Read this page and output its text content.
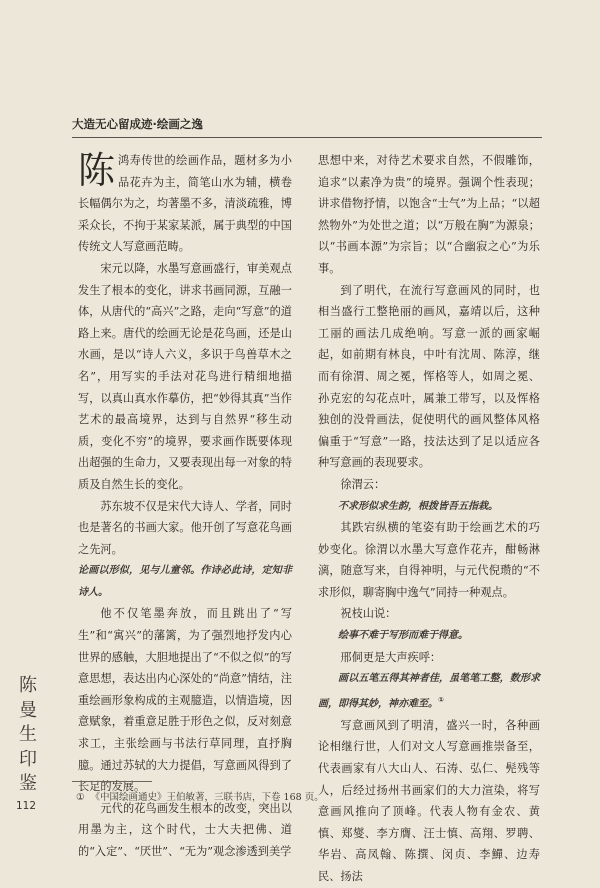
大造无心留成迹·绘画之逸

陈鸿寿传世的绘画作品，题材多为小品花卉为主，简笔山水为辅，横卷长幅偶尔为之，均著墨不多，清淡疏雅，博采众长，不拘于某家某派，属于典型的中国传统文人写意画范畴。

宋元以降，水墨写意画盛行，审美观点发生了根本的变化，讲求书画同源，互融一体，从唐代的“高兴”之路，走向“写意”的道路上来。唐代的绘画无论是花鸟画，还是山水画，是以“诗人六义，多识于鸟兽草木之名”，用写实的手法对花鸟进行精细地描写，以真山真水作摹仿，把“妙得其真”当作艺术的最高境界，达到与自然界“移生动质，变化不穷”的境界，要求画作既要体现出超强的生命力，又要表现出每一对象的特质及自然生长的变化。

苏东坡不仅是宋代大诗人、学者，同时也是著名的书画大家。他开创了写意花鸟画之先河。

论画以形似，见与儿童邻。作诗必此诗，定知非诗人。

他不仅笔墨奔放，而且跳出了“写生”和“寓兴”的藩篱，为了强烈地抒发内心世界的感触，大胆地提出了“不似之似”的写意思想，表达出内心深处的“尚意”情结，注重绘画形象构成的主观臆造，以情造境，因意赋象，着重意足胜于形色之似，反对刻意求工，主张绘画与书法行草同理，直抒胸臆。通过苏轼的大力提倡，写意画风得到了长足的发展。

元代的花鸟画发生根本的改变，突出以用墨为主，这个时代，士大夫把佛、道的“入定”、“厌世”、“无为”观念渗透到美学

思想中来，对待艺术要求自然，不假雕饰，追求“以素净为贵”的境界。强调个性表现；讲求借物抒情，以饱含“士气”为上品；“以超然物外”为处世之道；以“万般在胸”为源泉；以“书画本源”为宗旨；以“合幽寂之心”为乐事。

到了明代，在流行写意画风的同时，也相当盛行工整艳丽的画风，嘉靖以后，这种工丽的画法几成绝响。写意一派的画家崛起，如前期有林良，中叶有沈周、陈淳，继而有徐渭、周之冕，恽格等人，如周之冕、孙克宏的勾花点叶，属兼工带写，以及恽格独创的没骨画法，促使明代的画风整体风格偏重于“写意”一路，技法达到了足以适应各种写意画的表现要求。

徐渭云：

不求形似求生韵，根拨皆吾五指栽。

其跌宕纵横的笔姿有助于绘画艺术的巧妙变化。徐渭以水墨大写意作花卉，酣畅淋漓，随意写来，自得神明，与元代倪瓒的“不求形似，聊寄胸中逸气”同持一种观点。

祝枝山说：

绘事不难于写形而难于得意。

邢侗更是大声疾呼：

画以五笔五得其神者佳，虽笔笔工整，数形求画，即得其妙，神亦难至。①

写意画风到了明清，盛兴一时，各种画论相继行世，人们对文人写意画推崇备至，代表画家有八大山人、石涛、弘仁、髡残等人，后经过扬州书画家们的大力渲染，将写意画风推向了顶峰。代表人物有金农、黄慎、郑燮、李方膺、汪士慎、高翔、罗聘、华岩、高凤翰、陈撰、闵贞、李鱓、边寿民、扬法

陈
曼
生
印
鉴
112
① 《中国绘画通史》王伯敏著，三联书店，下卷 168 页。
